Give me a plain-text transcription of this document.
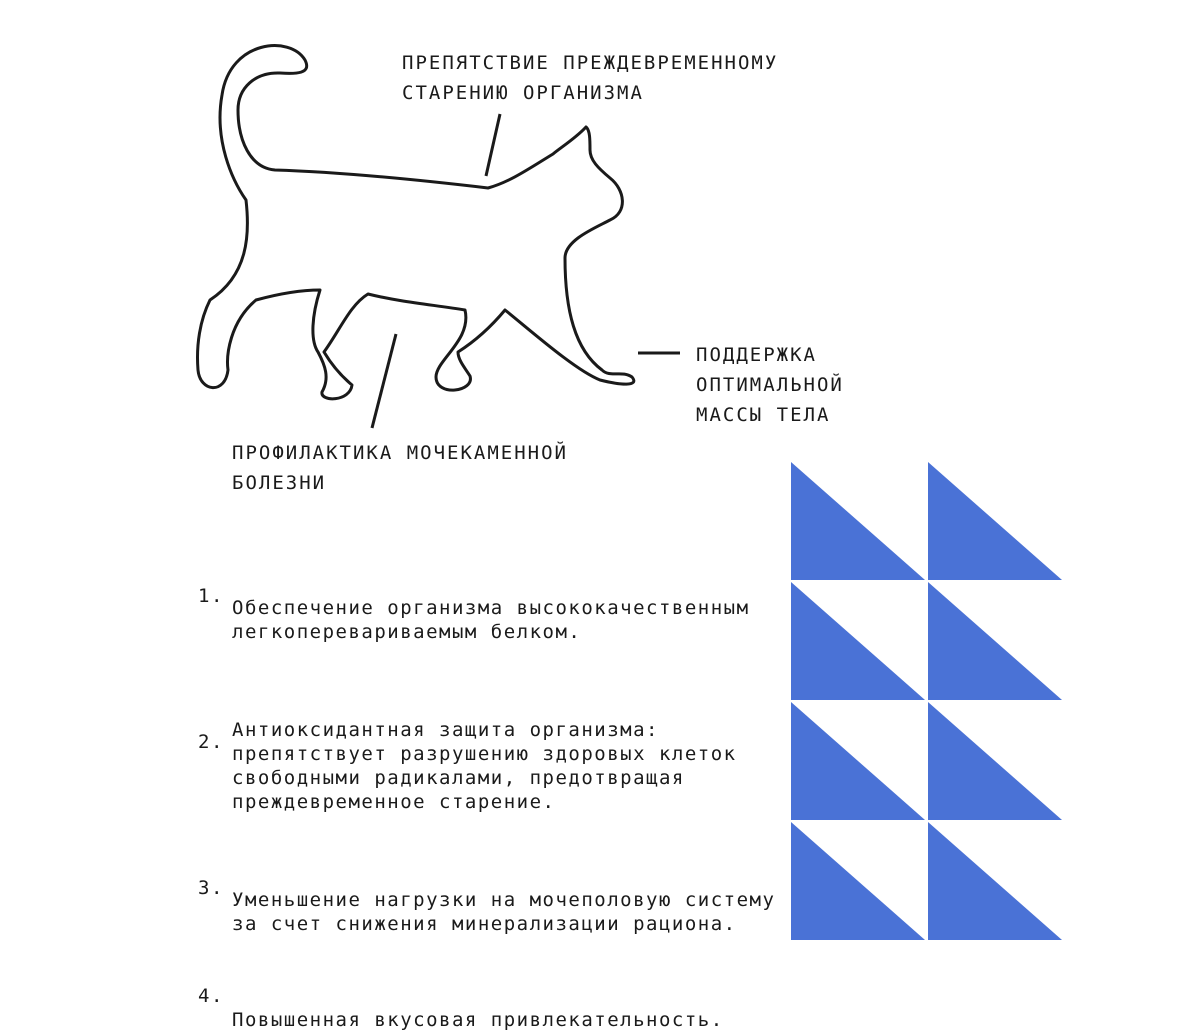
ПРЕПЯТСТВИЕ ПРЕЖДЕВРЕМЕННОМУ
СТАРЕНИЮ ОРГАНИЗМА

ПОДДЕРЖКА
ОПТИМАЛЬНОЙ
МАССЫ ТЕЛА

ПРОФИЛАКТИКА МОЧЕКАМЕННОЙ
БОЛЕЗНИ

1.

Обеспечение организма высококачественным
легкоперевариваемым белком.

2.

Антиоксидантная защита организма:
препятствует разрушению здоровых клеток
свободными радикалами, предотвращая
преждевременное старение.

3.

Уменьшение нагрузки на мочеполовую систему
за счет снижения минерализации рациона.

4.

Повышенная вкусовая привлекательность.
